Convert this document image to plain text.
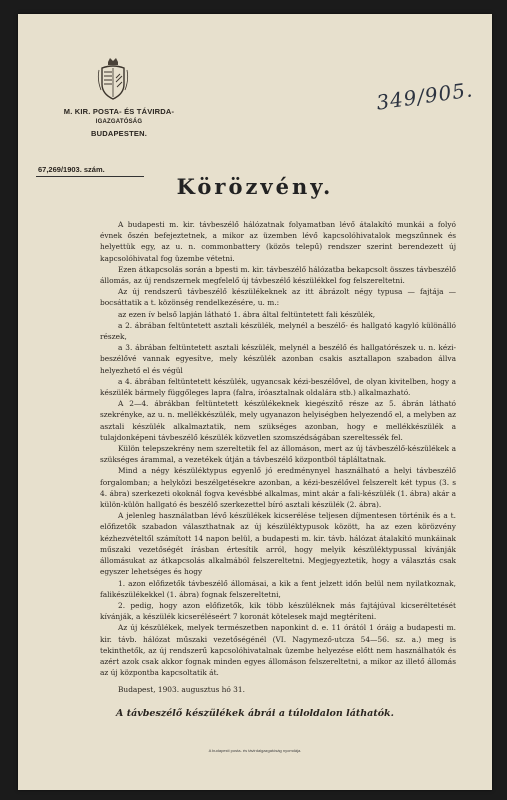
M. KIR. POSTA- ÉS TÁVIRDA-
IGAZGATÓSÁG
BUDAPESTEN.
67,269/1903. szám.
349/905.
Körözvény.

A budapesti m. kir. távbeszélő hálózatnak folyamatban lévő átalakító munkái a folyó évnek őszén befejeztetnek, a mikor az üzemben lévő kapcsolóhivatalok megszűnnek és helyettük egy, az u. n. commonbattery (közös telepű) rendszer szerint berendezett új kapcsolóhivatal fog üzembe vétetni.

Ezen átkapcsolás során a bpesti m. kir. távbeszélő hálózatba bekapcsolt összes távbeszélő állomás, az új rendszernek megfelelő új távbeszélő készülékkel fog felszereltetni.

Az új rendszerű távbeszélő készülékeknek az itt ábrázolt négy typusa — fajtája — bocsáttatik a t. közönség rendelkezésére, u. m.:

az ezen ív belső lapján látható 1. ábra által feltüntetett fali készülék,

a 2. ábrában feltüntetett asztali készülék, melynél a beszélő- és hallgató kagyló különálló részek,

a 3. ábrában feltüntetett asztali készülék, melynél a beszélő és hallgatórészek u. n. kézi-beszélővé vannak egyesítve, mely készülék azonban csakis asztallapon szabadon állva helyezhető el és végül

a 4. ábrában feltüntetett készülék, ugyancsak kézi-beszélővel, de olyan kivitelben, hogy a készülék bármely függőleges lapra (falra, íróasztalnak oldalára stb.) alkalmazható.

A 2—4. ábrákban feltüntetett készülékeknek kiegészítő része az 5. ábrán látható szekrényke, az u. n. mellékkészülék, mely ugyanazon helyiségben helyezendő el, a melyben az asztali készülék alkalmaztatik, nem szükséges azonban, hogy e mellékkészülék a tulajdonképeni távbeszélő készülék közvetlen szomszédságában szereltessék fel.

Külön telepszekrény nem szereltetik fel az állomáson, mert az új távbeszélő-készülékek a szükséges árammal, a vezetékek útján a távbeszélő központból tápláltatnak.

Mind a négy készüléktypus egyenlő jó eredménynyel használható a helyi távbeszélő forgalomban; a helyközi beszélgetésekre azonban, a kézi-beszélővel felszerelt két typus (3. s 4. ábra) szerkezeti okoknál fogva kevésbbé alkalmas, mint akár a fali-készülék (1. ábra) akár a külön-külön hallgató és beszélő szerkezettel bíró asztali készülék (2. ábra).

A jelenleg használatban lévő készülékek kicserélése teljesen díjmentesen történik és a t. előfizetők szabadon választhatnak az új készüléktypusok között, ha az ezen körözvény kézhezvételtől számított 14 napon belül, a budapesti m. kir. távb. hálózat átalakító munkáinak műszaki vezetőségét írásban értesítik arról, hogy melyik készüléktypussal kívánják állomásukat az átkapcsolás alkalmából felszereltetni. Megjegyeztetik, hogy a választás csak egyszer lehetséges és hogy

1. azon előfizetők távbeszélő állomásai, a kik a fent jelzett időn belül nem nyilatkoznak, falikészülékekkel (1. ábra) fognak felszereltetni,

2. pedig, hogy azon előfizetők, kik több készüléknek más fajtájúval kicseréltetését kívánják, a készülék kicseréléseért 7 koronát kötelesek majd megtéríteni.

Az új készülékek, melyek természetben naponkint d. e. 11 órától 1 óráig a budapesti m. kir. távb. hálózat műszaki vezetőségénél (VI. Nagymező-utcza 54—56. sz. a.) meg is tekinthetők, az új rendszerű kapcsolóhivatalnak üzembe helyezése előtt nem használhatók és azért azok csak akkor fognak minden egyes állomáson felszereltetni, a mikor az illető állomás az új központba kapcsoltatik át.

Budapest, 1903. augusztus hó 31.

A távbeszélő készülékek ábrái a túloldalon láthatók.
A budapesti posta- és távirdaigazgatóság nyomdája.
